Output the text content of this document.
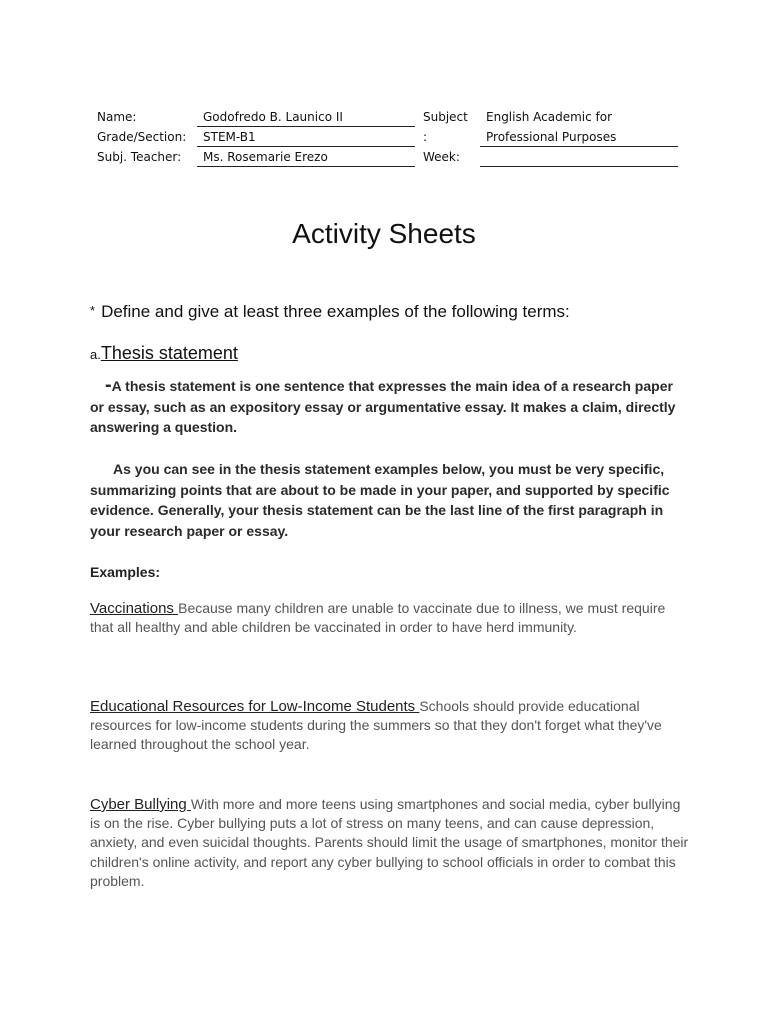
Name:
Grade/Section:
Subj. Teacher:
Godofredo B. Launico II
STEM-B1
Ms. Rosemarie Erezo
Subject
:
Week:
English Academic for
Professional Purposes
Activity Sheets
* Define and give at least three examples of the following terms:
a.Thesis statement
-A thesis statement is one sentence that expresses the main idea of a research paper or essay, such as an expository essay or argumentative essay. It makes a claim, directly answering a question.
As you can see in the thesis statement examples below, you must be very specific, summarizing points that are about to be made in your paper, and supported by specific evidence. Generally, your thesis statement can be the last line of the first paragraph in your research paper or essay.
Examples:
Vaccinations Because many children are unable to vaccinate due to illness, we must require that all healthy and able children be vaccinated in order to have herd immunity.
Educational Resources for Low-Income Students Schools should provide educational resources for low-income students during the summers so that they don't forget what they've learned throughout the school year.
Cyber Bullying With more and more teens using smartphones and social media, cyber bullying is on the rise. Cyber bullying puts a lot of stress on many teens, and can cause depression, anxiety, and even suicidal thoughts. Parents should limit the usage of smartphones, monitor their children's online activity, and report any cyber bullying to school officials in order to combat this problem.
